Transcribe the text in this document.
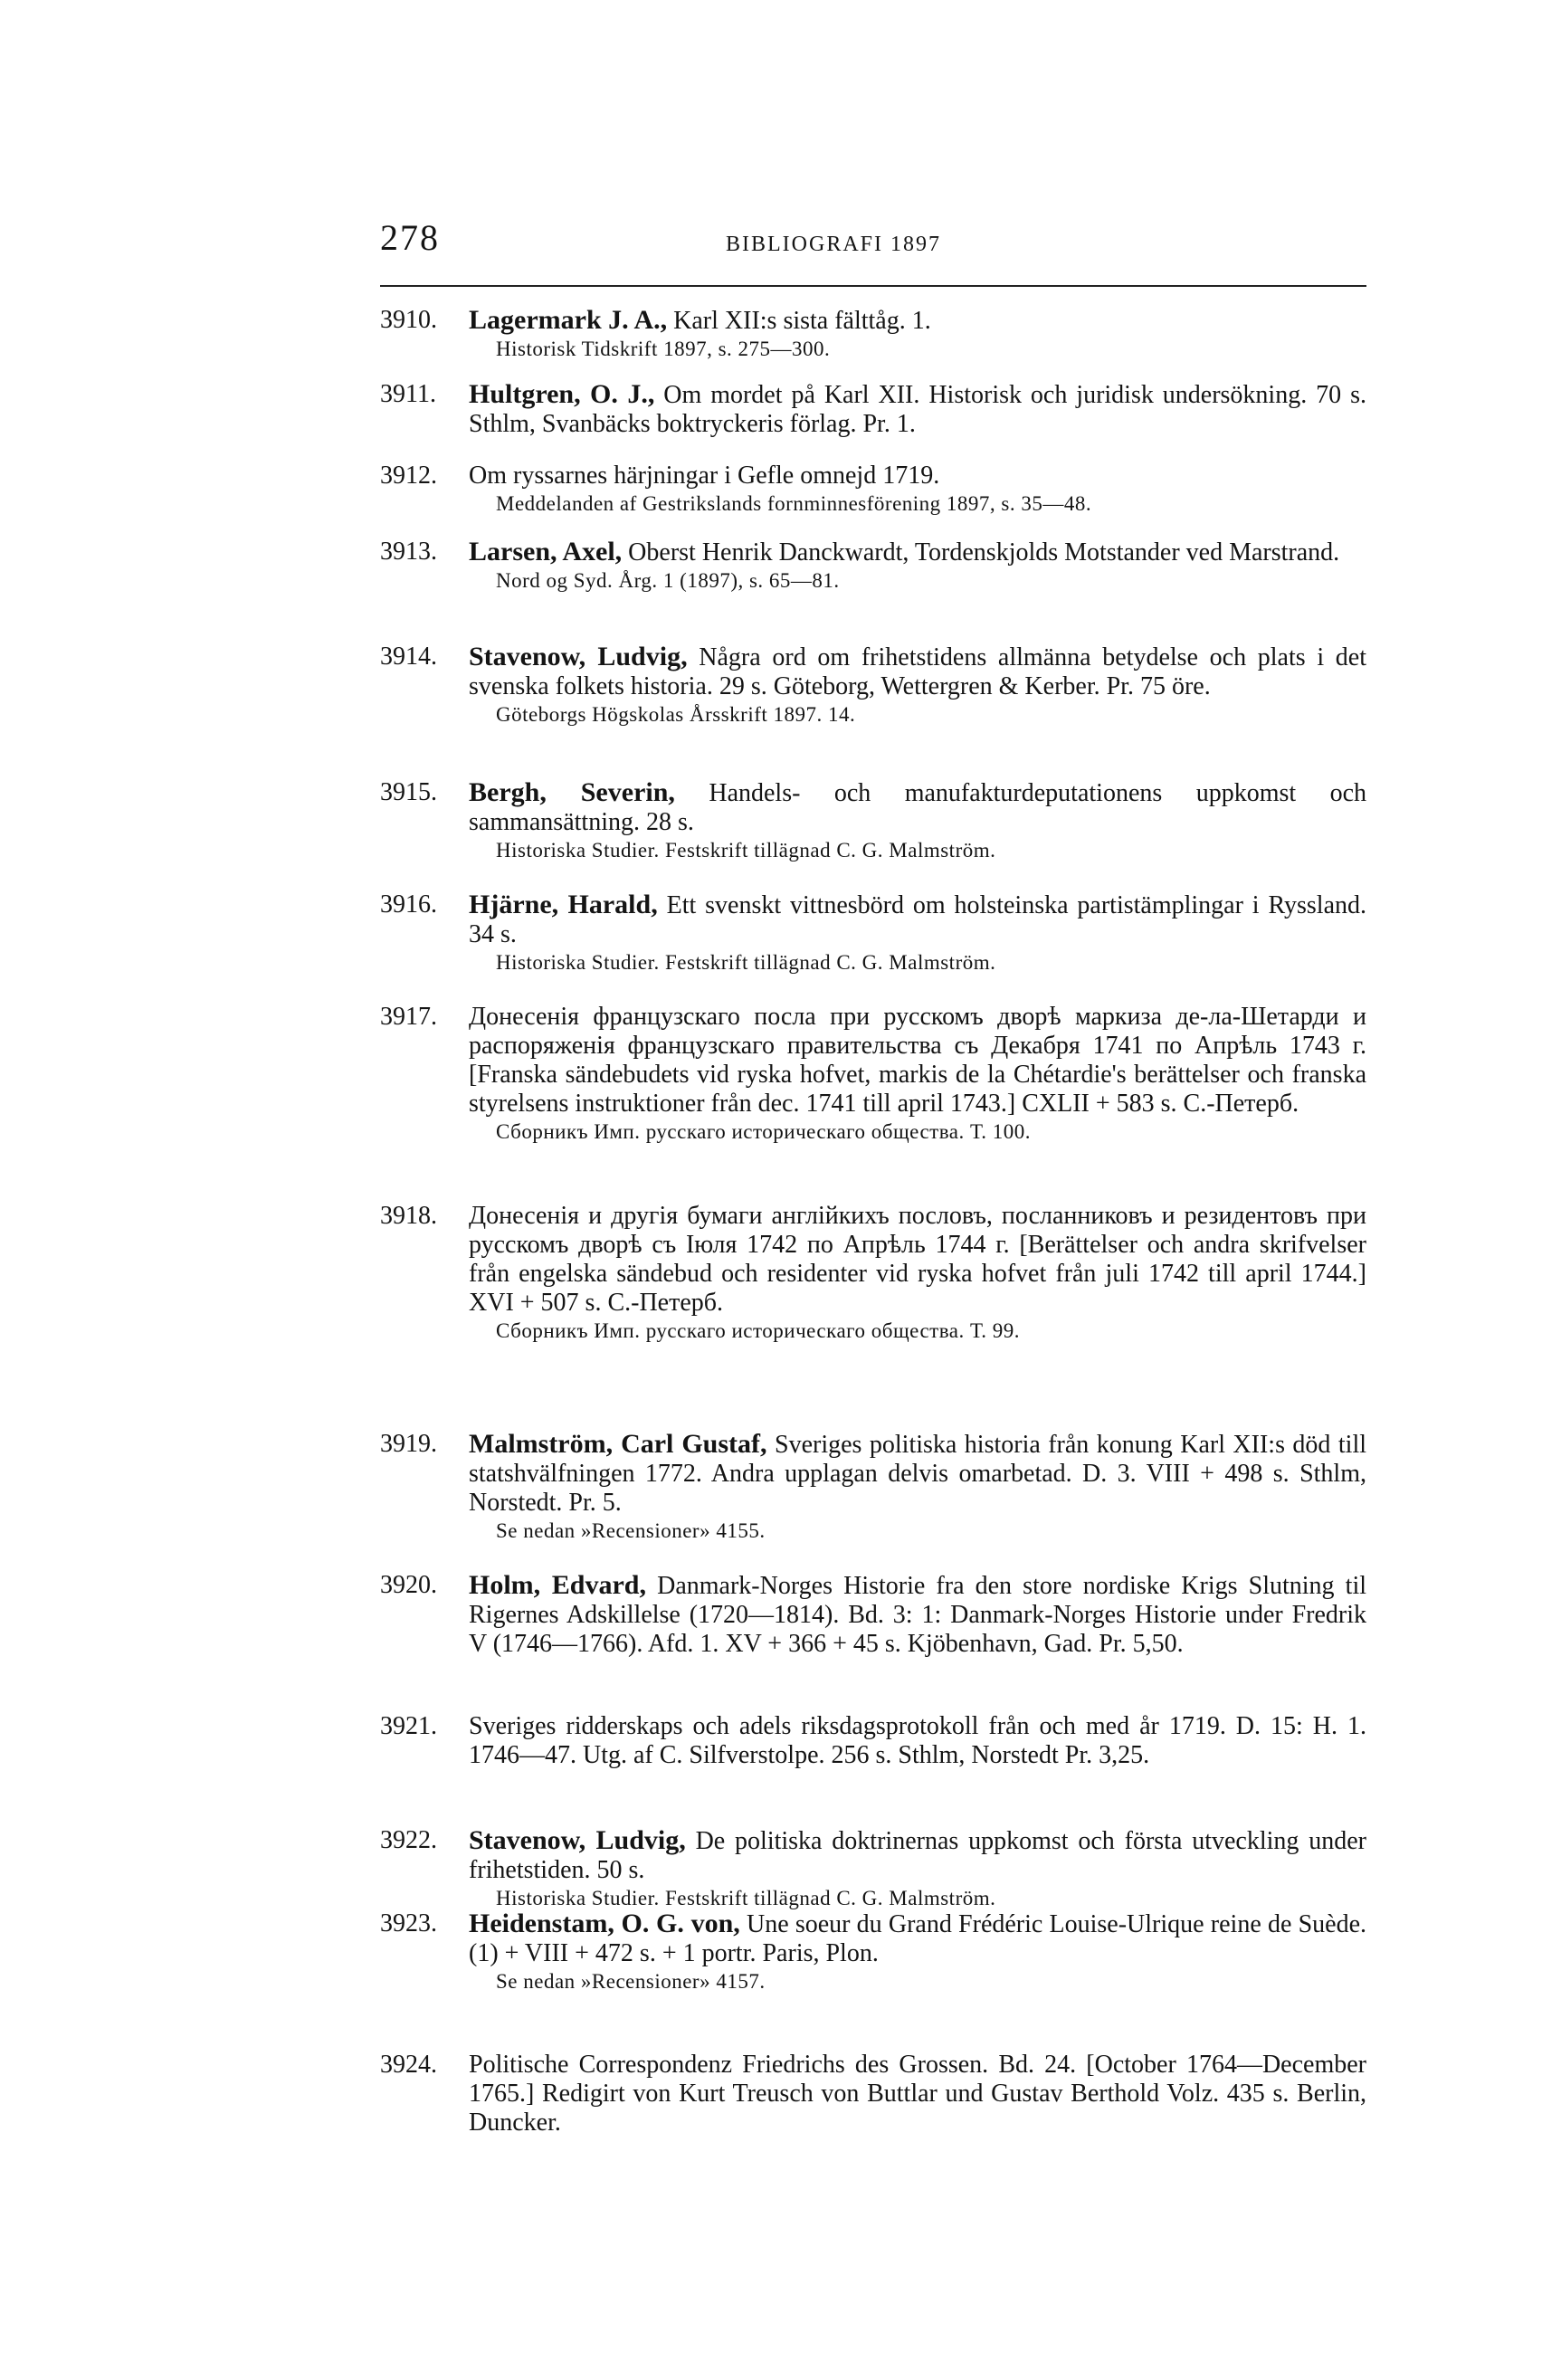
278	BIBLIOGRAFI 1897
3910. Lagermark J. A., Karl XII:s sista fälttåg. 1.
Historisk Tidskrift 1897, s. 275—300.
3911. Hultgren, O. J., Om mordet på Karl XII. Historisk och juridisk undersökning. 70 s. Sthlm, Svanbäcks boktryckeris förlag. Pr. 1.
3912. Om ryssarnes härjningar i Gefle omnejd 1719.
Meddelanden af Gestrikslands fornminnesförening 1897, s. 35—48.
3913. Larsen, Axel, Oberst Henrik Danckwardt, Tordenskjolds Motstander ved Marstrand.
Nord og Syd. Årg. 1 (1897), s. 65—81.
3914. Stavenow, Ludvig, Några ord om frihetstidens allmänna betydelse och plats i det svenska folkets historia. 29 s. Göteborg, Wettergren & Kerber. Pr. 75 öre.
Göteborgs Högskolas Årsskrift 1897. 14.
3915. Bergh, Severin, Handels- och manufakturdeputationens uppkomst och sammansättning. 28 s.
Historiska Studier. Festskrift tillägnad C. G. Malmström.
3916. Hjärne, Harald, Ett svenskt vittnesbörd om holsteinska partistämplingar i Ryssland. 34 s.
Historiska Studier. Festskrift tillägnad C. G. Malmström.
3917. Донесенія французскаго посла при русскомъ дворѣ маркиза де-ла-Шетарди и распоряженія французскаго правительства съ Декабря 1741 по Апрѣль 1743 г. [Franska sändebudets vid ryska hofvet, markis de la Chétardie's berättelser och franska styrelsens instruktioner från dec. 1741 till april 1743.] CXLII + 583 s. С.-Петерб.
Сборникъ Имп. русскаго историческаго общества. Т. 100.
3918. Донесенія и другія бумаги англійкихъ пословъ, посланниковъ и резидентовъ при русскомъ дворѣ съ Іюля 1742 по Апрѣль 1744 г. [Berättelser och andra skrifvelser från engelska sändebud och residenter vid ryska hofvet från juli 1742 till april 1744.] XVI + 507 s. С.-Петерб.
Сборникъ Имп. русскаго историческаго общества. Т. 99.
3919. Malmström, Carl Gustaf, Sveriges politiska historia från konung Karl XII:s död till statshvälfningen 1772. Andra upplagan delvis omarbetad. D. 3. VIII + 498 s. Sthlm, Norstedt. Pr. 5.
Se nedan »Recensioner» 4155.
3920. Holm, Edvard, Danmark-Norges Historie fra den store nordiske Krigs Slutning til Rigernes Adskillelse (1720—1814). Bd. 3: 1: Danmark-Norges Historie under Fredrik V (1746—1766). Afd. 1. XV + 366 + 45 s. Kjöbenhavn, Gad. Pr. 5,50.
3921. Sveriges ridderskaps och adels riksdagsprotokoll från och med år 1719. D. 15: H. 1. 1746—47. Utg. af C. Silfverstolpe. 256 s. Sthlm, Norstedt Pr. 3,25.
3922. Stavenow, Ludvig, De politiska doktrinernas uppkomst och första utveckling under frihetstiden. 50 s.
Historiska Studier. Festskrift tillägnad C. G. Malmström.
3923. Heidenstam, O. G. von, Une soeur du Grand Frédéric Louise-Ulrique reine de Suède. (1) + VIII + 472 s. + 1 portr. Paris, Plon.
Se nedan »Recensioner» 4157.
3924. Politische Correspondenz Friedrichs des Grossen. Bd. 24. [October 1764—December 1765.] Redigirt von Kurt Treusch von Buttlar und Gustav Berthold Volz. 435 s. Berlin, Duncker.
